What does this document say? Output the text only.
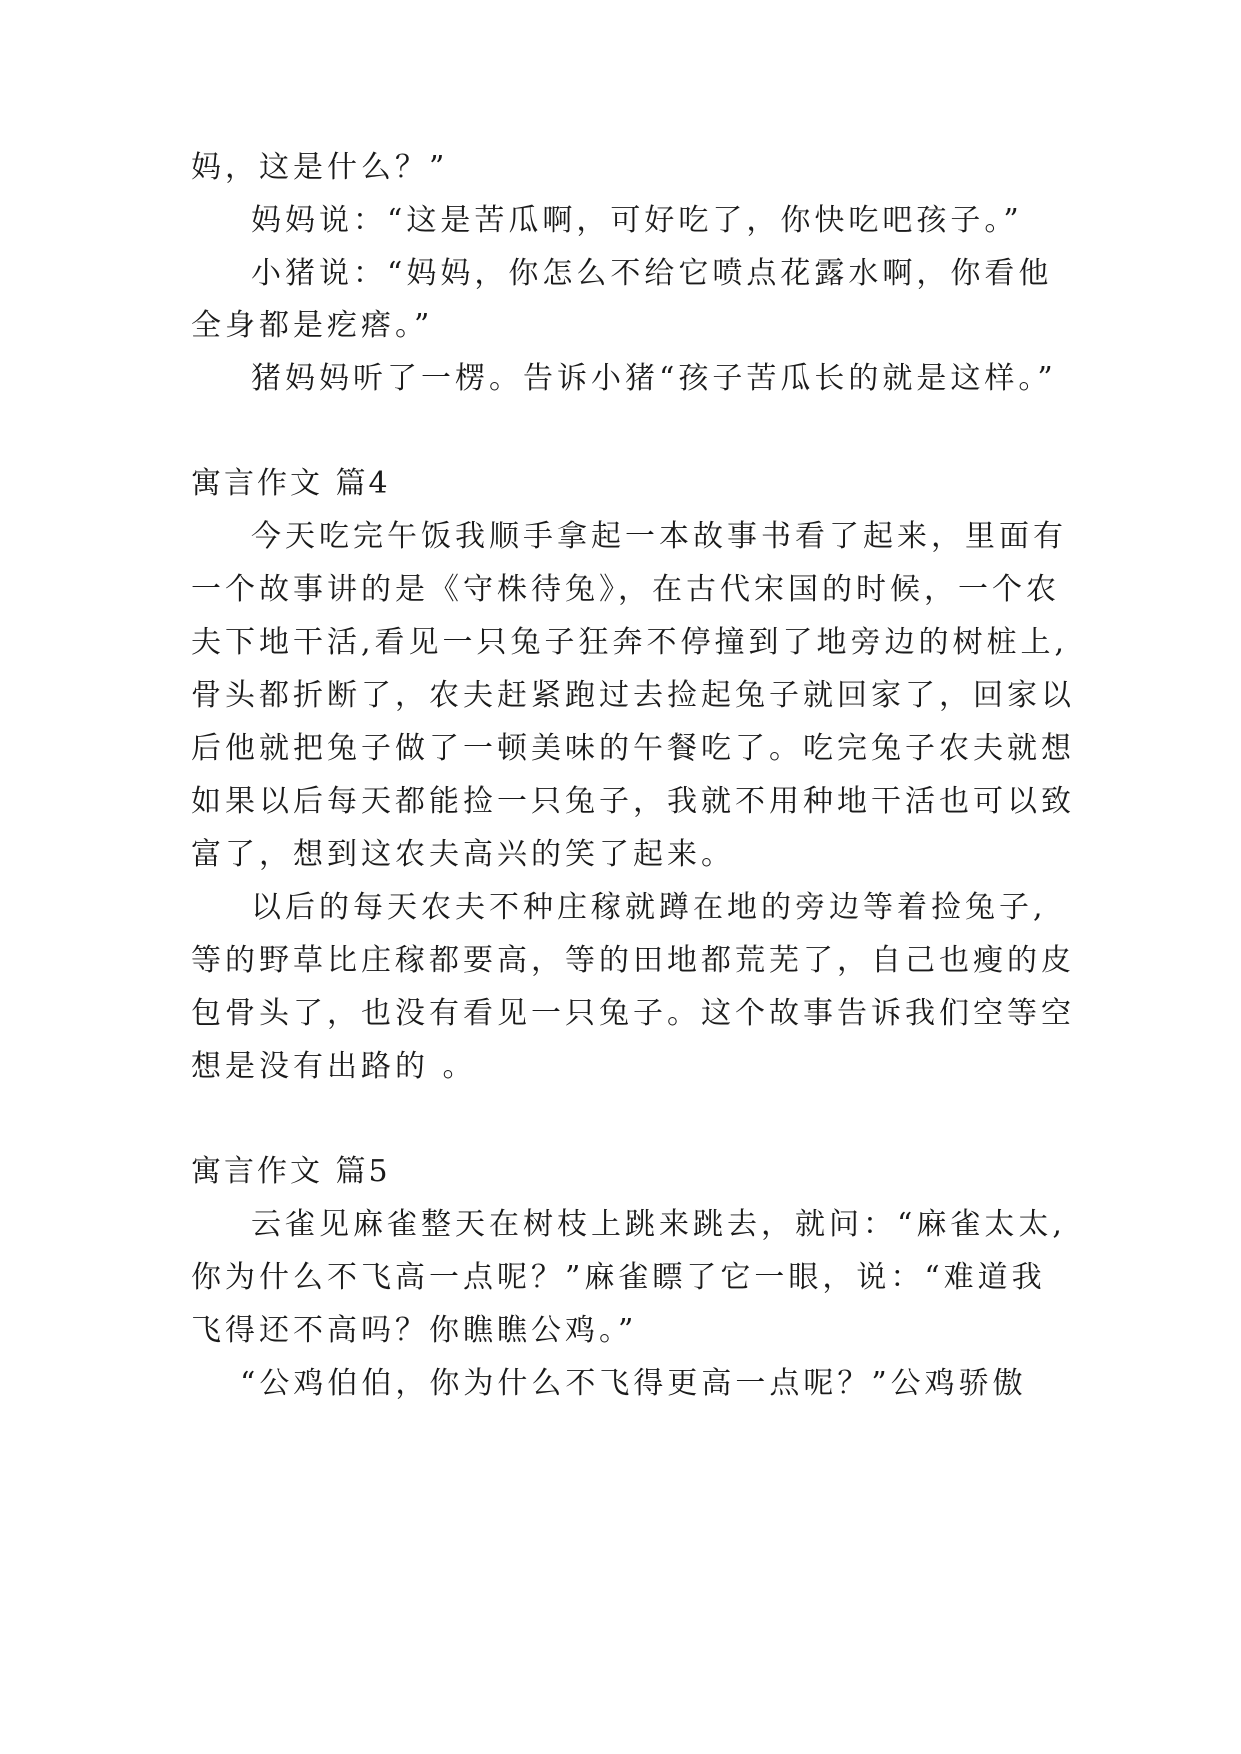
妈，这是什么？”
妈妈说：“这是苦瓜啊，可好吃了，你快吃吧孩子。”
小猪说：“妈妈，你怎么不给它喷点花露水啊，你看他
全身都是疙瘩。”
猪妈妈听了一楞。告诉小猪“孩子苦瓜长的就是这样。”
寓言作文 篇4
今天吃完午饭我顺手拿起一本故事书看了起来，里面有
一个故事讲的是《守株待兔》，在古代宋国的时候，一个农
夫下地干活,看见一只兔子狂奔不停撞到了地旁边的树桩上,
骨头都折断了，农夫赶紧跑过去捡起兔子就回家了，回家以
后他就把兔子做了一顿美味的午餐吃了。吃完兔子农夫就想
如果以后每天都能捡一只兔子，我就不用种地干活也可以致
富了，想到这农夫高兴的笑了起来。
以后的每天农夫不种庄稼就蹲在地的旁边等着捡兔子,
等的野草比庄稼都要高，等的田地都荒芜了，自己也瘦的皮
包骨头了，也没有看见一只兔子。这个故事告诉我们空等空
想是没有出路的 。
寓言作文 篇5
云雀见麻雀整天在树枝上跳来跳去，就问：“麻雀太太,
你为什么不飞高一点呢？”麻雀瞟了它一眼，说：“难道我
飞得还不高吗？你瞧瞧公鸡。”
“公鸡伯伯，你为什么不飞得更高一点呢？”公鸡骄傲
